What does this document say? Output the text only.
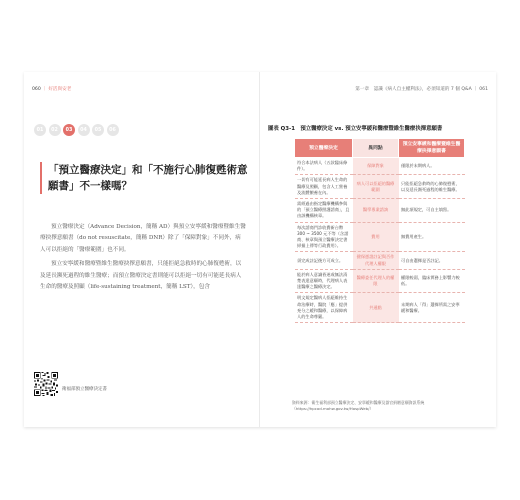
060 ｜ 好活與安老
01	02	03	04	05	06
「預立醫療決定」和「不施行心肺復甦術意願書」不一樣嗎？

預立醫療決定（Advance Decision，簡稱 AD）與預立安寧緩和醫療暨維生醫療抉擇意願書（do not resuscitate，簡稱 DNR）除了「保障對象」不同外，病人可以拒絕的「醫療範圍」也不同。

預立安寧緩和醫療暨維生醫療抉擇意願書，只能拒絕急救時的心肺復甦術，以及延長瀕死過程的維生醫療；而預立醫療決定書則能可以拒絕一切有可能延長病人生命的醫療及照顧（life-sustaining treatment，簡稱 LST），包含

衛福部預立醫療決定書
第一章　認識《病人自主權利法》，必須知道的 7 個 Q&A ｜ 061
圖表 Q3-1　預立醫療決定 vs. 預立安寧緩和醫療暨維生醫療抉擇意願書
預立醫療決定	異同點	預立安寧緩和醫療暨維生醫療抉擇意願書
符合本法病人（五款臨床條件）。	保障對象	僅限於末期病人。
一切有可能延長病人生命的醫療及照顧，包含人工營養及流體餵養在內。	病人可以拒絕的醫療範圍	只能拒絕急救時的心肺復甦術，以及延長瀕死過程的維生醫療。
需經過由指定醫療機構參與的「預立醫療照護諮商」，且由該機構核章。	醫學專業諮詢	無此項規定，可自主填寫。
每次諮商門診收費新台幣 300 ~ 3500 元不等（含諮商、核章與預立醫療決定書掃描上傳等行政費用）。	費用	無費用產生。
須完成註記後方可成立。	健保憑證註記與否作代理人權限	可自由選擇是否註記。
能於病人意識昏迷或無法清楚表達意願時，代理病人表達醫療之醫療決定。	醫療委任代理人的權限	權限較弱，臨床實務上影響力較低。
明文規定醫病人拒絕維持生命治療時，醫院「應」提供充分之緩和醫療，以保障病人的生命尊嚴。	共通點	末期病人「得」選擇所需之安寧緩和醫療。
資料來源：衛生福利部預立醫療決定、安寧緩和醫療及器官捐贈意願資訊系統（https://hpcod.mohw.gov.tw/HospWeb/）
